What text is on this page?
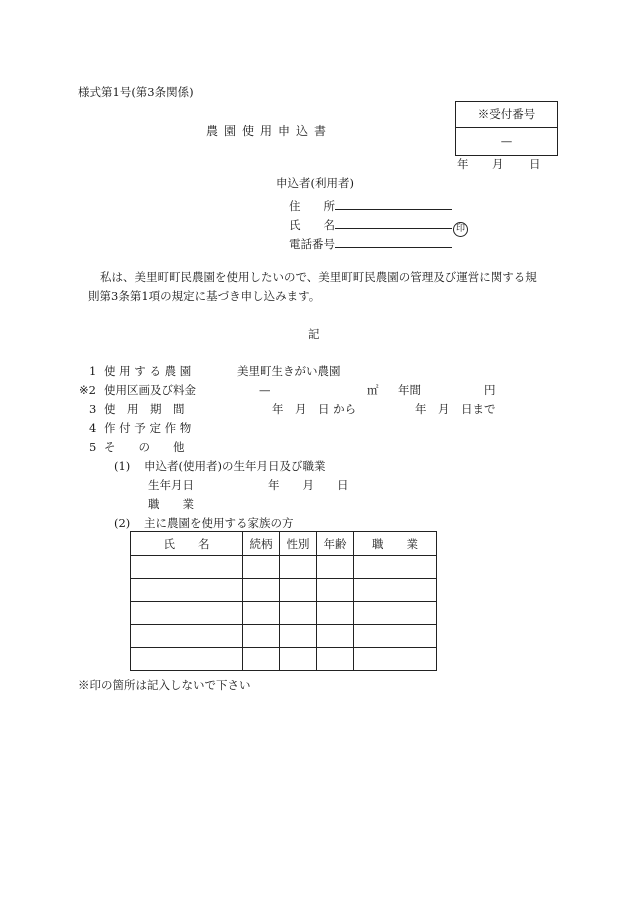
様式第1号(第3条関係)
農園使用申込書
※受付番号
—
年 月 日
申込者(利用者)
住　　所
氏　　名	印
電話番号
私は、美里町町民農園を使用したいので、美里町町民農園の管理及び運営に関する規
則第3条第1項の規定に基づき申し込みます。
記
1 使 用 す る 農 園	美里町生きがい農園
※2 使用区画及び料金	—	㎡ 年間	円
3 使　用　期　間	年　月　日 から	年　月　日まで
4 作 付 予 定 作 物
5 そ　　の　　他
(1) 申込者(使用者)の生年月日及び職業
生年月日	年　　月　　日
職　　業
(2) 主に農園を使用する家族の方
氏　　名	続柄	性別	年齢	職　　業

※印の箇所は記入しないで下さい
